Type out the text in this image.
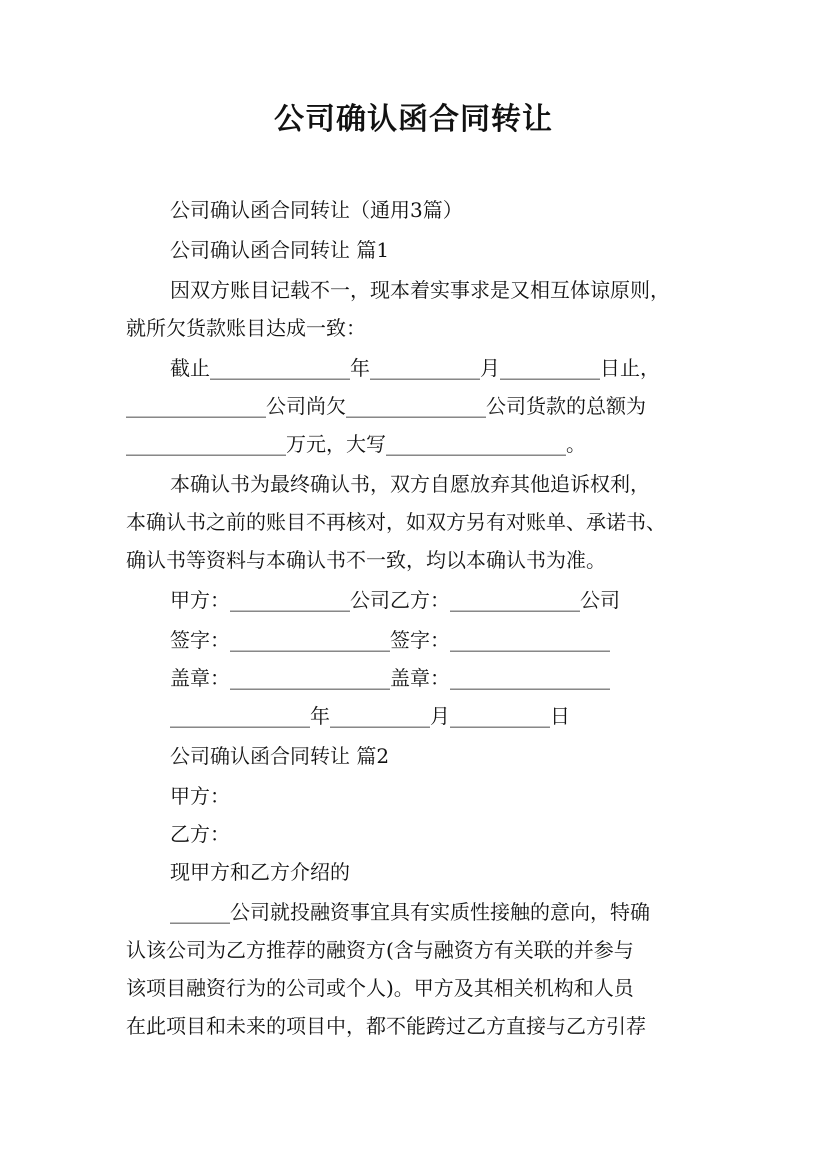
公司确认函合同转让

公司确认函合同转让（通用3篇）

公司确认函合同转让 篇1

因双方账目记载不一，现本着实事求是又相互体谅原则，

就所欠货款账目达成一致：

截止______________年___________月__________日止，

______________公司尚欠______________公司货款的总额为

________________万元，大写__________________。

本确认书为最终确认书，双方自愿放弃其他追诉权利，

本确认书之前的账目不再核对，如双方另有对账单、承诺书、

确认书等资料与本确认书不一致，均以本确认书为准。

甲方：____________公司乙方：_____________公司

签字：________________签字：________________

盖章：________________盖章：________________

______________年__________月__________日

公司确认函合同转让 篇2

甲方：

乙方：

现甲方和乙方介绍的

______公司就投融资事宜具有实质性接触的意向，特确

认该公司为乙方推荐的融资方(含与融资方有关联的并参与

该项目融资行为的公司或个人)。甲方及其相关机构和人员

在此项目和未来的项目中，都不能跨过乙方直接与乙方引荐
